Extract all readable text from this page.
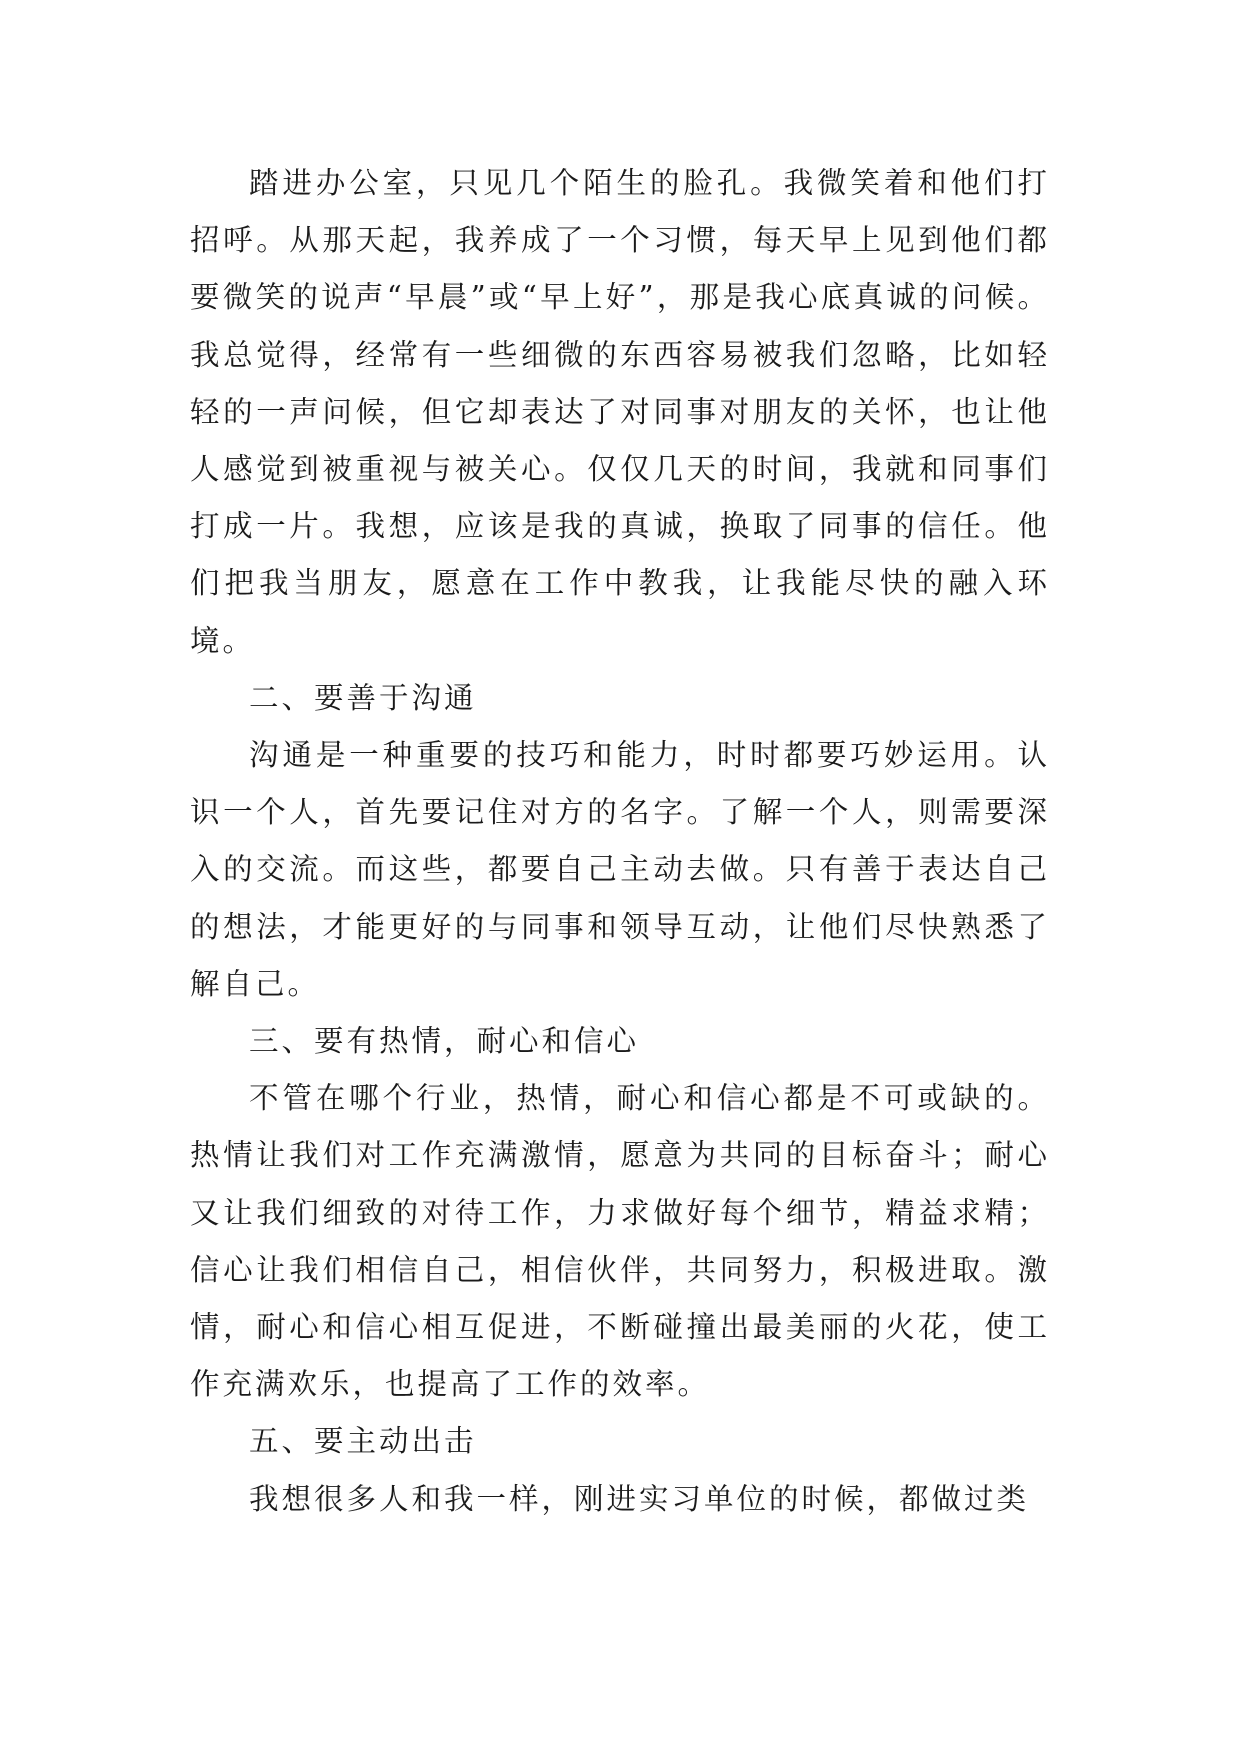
踏进办公室，只见几个陌生的脸孔。我微笑着和他们打招呼。从那天起，我养成了一个习惯，每天早上见到他们都要微笑的说声“早晨”或“早上好”，那是我心底真诚的问候。我总觉得，经常有一些细微的东西容易被我们忽略，比如轻轻的一声问候，但它却表达了对同事对朋友的关怀，也让他人感觉到被重视与被关心。仅仅几天的时间，我就和同事们打成一片。我想，应该是我的真诚，换取了同事的信任。他们把我当朋友，愿意在工作中教我，让我能尽快的融入环境。

二、要善于沟通

沟通是一种重要的技巧和能力，时时都要巧妙运用。认识一个人，首先要记住对方的名字。了解一个人，则需要深入的交流。而这些，都要自己主动去做。只有善于表达自己的想法，才能更好的与同事和领导互动，让他们尽快熟悉了解自己。

三、要有热情，耐心和信心

不管在哪个行业，热情，耐心和信心都是不可或缺的。热情让我们对工作充满激情，愿意为共同的目标奋斗；耐心又让我们细致的对待工作，力求做好每个细节，精益求精；信心让我们相信自己，相信伙伴，共同努力，积极进取。激情，耐心和信心相互促进，不断碰撞出最美丽的火花，使工作充满欢乐，也提高了工作的效率。

五、要主动出击

我想很多人和我一样，刚进实习单位的时候，都做过类
